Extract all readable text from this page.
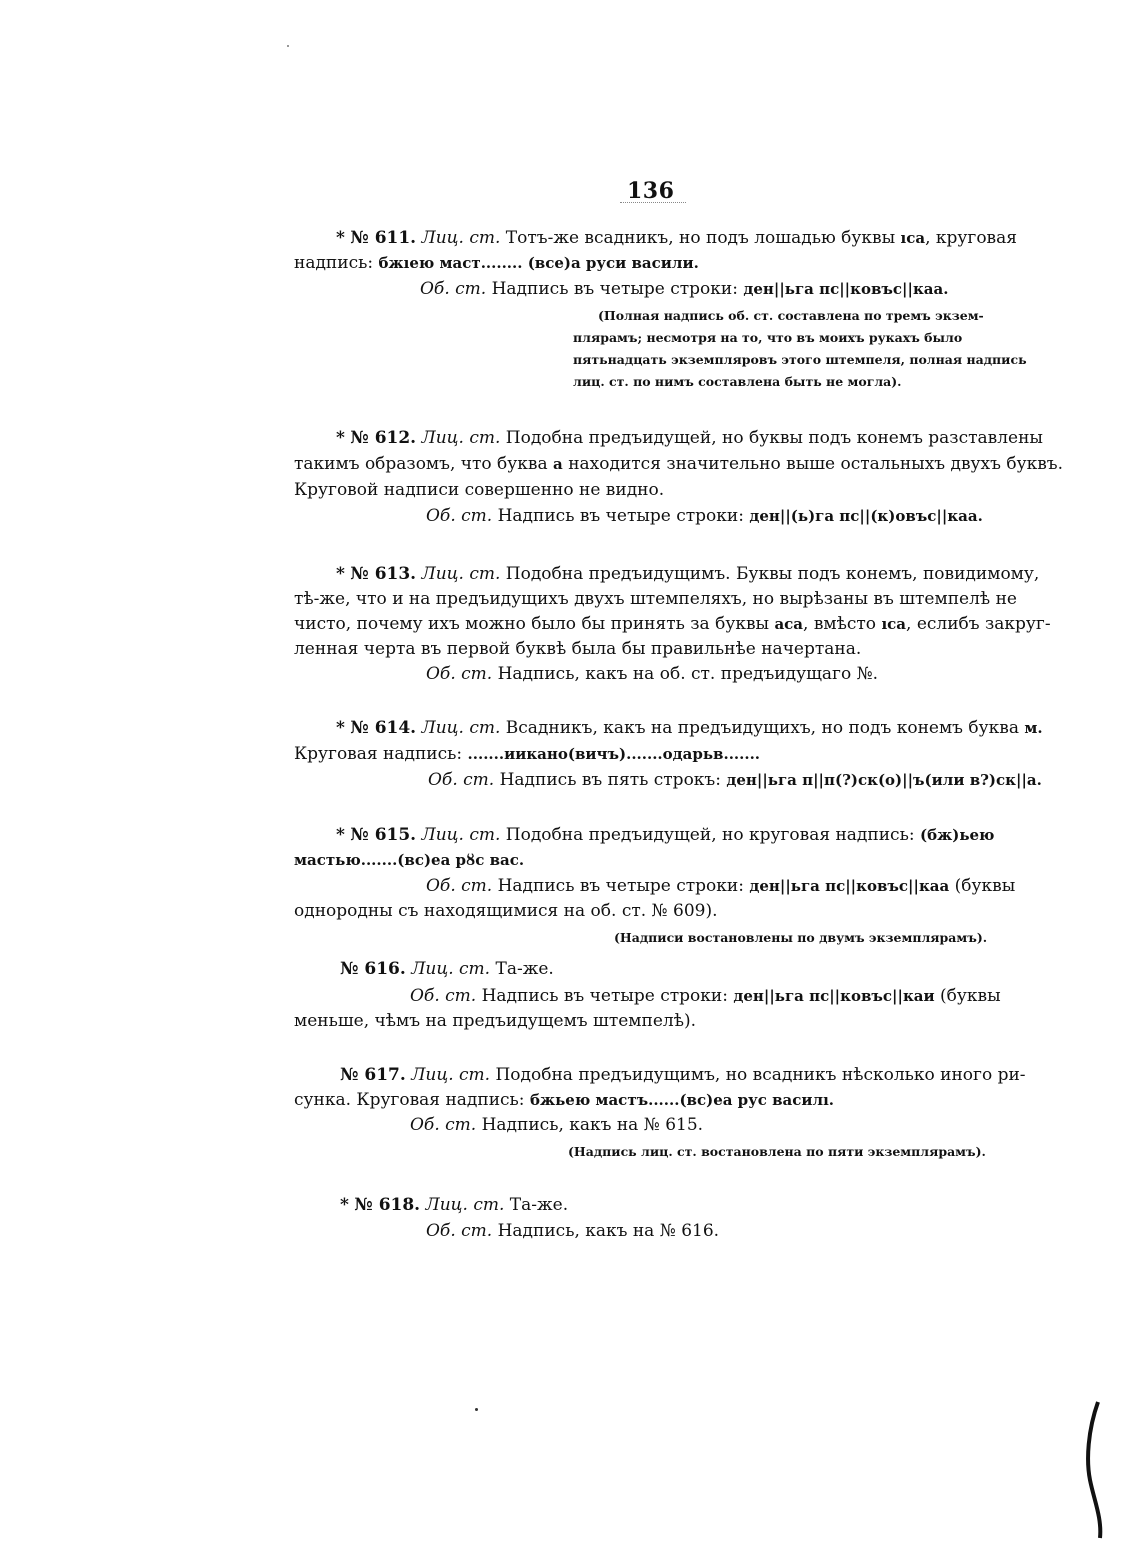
136
* № 611. Лиц. ст. Тотъ-же всадникъ, но подъ лошадью буквы ıса, круговая
надпись: бжıею маст........ (все)а руси васили.
Об. ст. Надпись въ четыре строки: ден||ьга пс||ковъс||каа.
(Полная надпись об. ст. составлена по тремъ экзем-
плярамъ; несмотря на то, что въ моихъ рукахъ было
пятьнадцать экземпляровъ этого штемпеля, полная надпись
лиц. ст. по нимъ составлена быть не могла).
* № 612. Лиц. ст. Подобна предъидущей, но буквы подъ конемъ разставлены
такимъ образомъ, что буква а находится значительно выше остальныхъ двухъ буквъ.
Круговой надписи совершенно не видно.
Об. ст. Надпись въ четыре строки: ден||(ь)га пс||(к)овъс||каа.
* № 613. Лиц. ст. Подобна предъидущимъ. Буквы подъ конемъ, повидимому,
тѣ-же, что и на предъидущихъ двухъ штемпеляхъ, но вырѣзаны въ штемпелѣ не
чисто, почему ихъ можно было бы принять за буквы аса, вмѣсто ıса, еслибъ закруг-
ленная черта въ первой буквѣ была бы правильнѣе начертана.
Об. ст. Надпись, какъ на об. ст. предъидущаго №.
* № 614. Лиц. ст. Всадникъ, какъ на предъидущихъ, но подъ конемъ буква м.
Круговая надпись: .......иикано(вичъ).......одарьв.......
Об. ст. Надпись въ пять строкъ: ден||ьга п||п(?)ск(о)||ъ(или в?)ск||а.
* № 615. Лиц. ст. Подобна предъидущей, но круговая надпись: (бж)ьею
мастью.......(вс)еа рȣс вас.
Об. ст. Надпись въ четыре строки: ден||ьга пс||ковъс||каа (буквы
однородны съ находящимися на об. ст. № 609).
(Надписи востановлены по двумъ экземплярамъ).
№ 616. Лиц. ст. Та-же.
Об. ст. Надпись въ четыре строки: ден||ьга пс||ковъс||каи (буквы
меньше, чѣмъ на предъидущемъ штемпелѣ).
№ 617. Лиц. ст. Подобна предъидущимъ, но всадникъ нѣсколько иного ри-
сунка. Круговая надпись: бжьею мастъ......(вс)еа рус василı.
Об. ст. Надпись, какъ на № 615.
(Надпись лиц. ст. востановлена по пяти экземплярамъ).
* № 618. Лиц. ст. Та-же.
Об. ст. Надпись, какъ на № 616.
